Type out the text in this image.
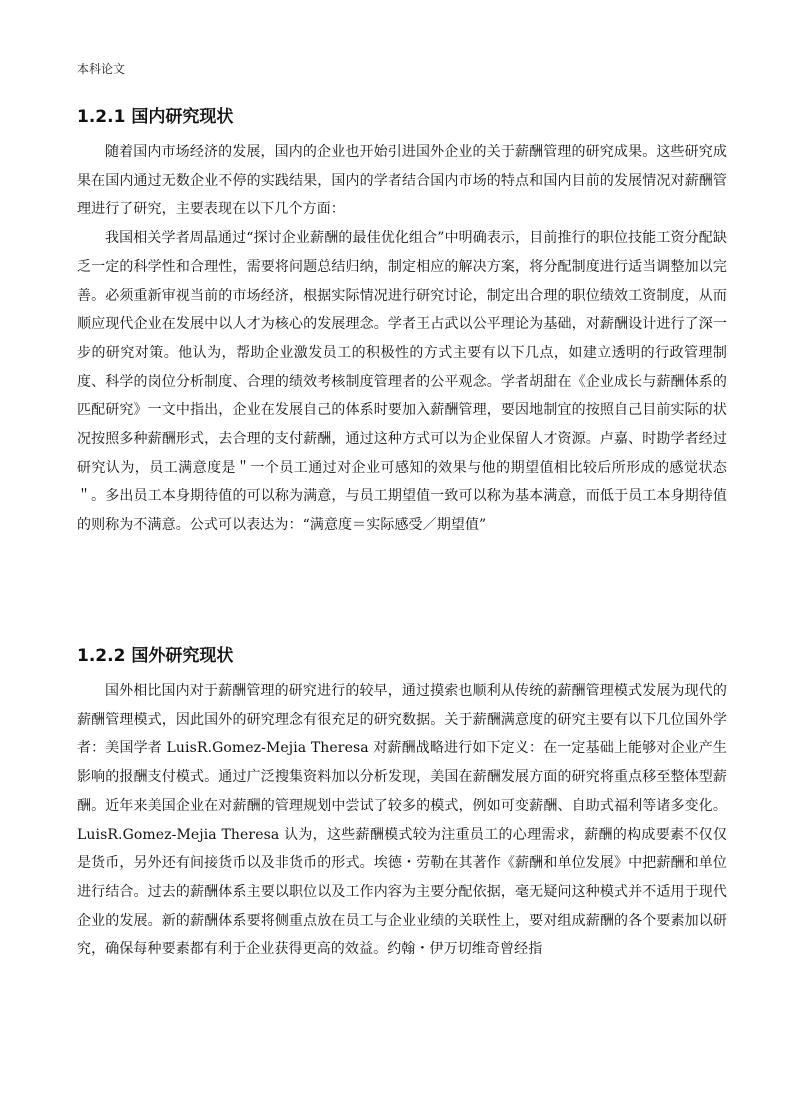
本科论文
1.2.1 国内研究现状

随着国内市场经济的发展，国内的企业也开始引进国外企业的关于薪酬管理的研究成果。这些研究成果在国内通过无数企业不停的实践结果，国内的学者结合国内市场的特点和国内目前的发展情况对薪酬管理进行了研究，主要表现在以下几个方面：

我国相关学者周晶通过“探讨企业薪酬的最佳优化组合”中明确表示，目前推行的职位技能工资分配缺乏一定的科学性和合理性，需要将问题总结归纳，制定相应的解决方案，将分配制度进行适当调整加以完善。必须重新审视当前的市场经济，根据实际情况进行研究讨论，制定出合理的职位绩效工资制度，从而顺应现代企业在发展中以人才为核心的发展理念。学者王占武以公平理论为基础，对薪酬设计进行了深一步的研究对策。他认为，帮助企业激发员工的积极性的方式主要有以下几点，如建立透明的行政管理制度、科学的岗位分析制度、合理的绩效考核制度管理者的公平观念。学者胡甜在《企业成长与薪酬体系的匹配研究》一文中指出，企业在发展自己的体系时要加入薪酬管理，要因地制宜的按照自己目前实际的状况按照多种薪酬形式，去合理的支付薪酬，通过这种方式可以为企业保留人才资源。卢嘉、时勘学者经过研究认为，员工满意度是＂一个员工通过对企业可感知的效果与他的期望值相比较后所形成的感觉状态＂。多出员工本身期待值的可以称为满意，与员工期望值一致可以称为基本满意，而低于员工本身期待值的则称为不满意。公式可以表达为：“满意度＝实际感受／期望值”

1.2.2 国外研究现状

国外相比国内对于薪酬管理的研究进行的较早，通过摸索也顺利从传统的薪酬管理模式发展为现代的薪酬管理模式，因此国外的研究理念有很充足的研究数据。关于薪酬满意度的研究主要有以下几位国外学者：美国学者 LuisR.Gomez-Mejia Theresa 对薪酬战略进行如下定义：在一定基础上能够对企业产生影响的报酬支付模式。通过广泛搜集资料加以分析发现，美国在薪酬发展方面的研究将重点移至整体型薪酬。近年来美国企业在对薪酬的管理规划中尝试了较多的模式，例如可变薪酬、自助式福利等诸多变化。LuisR.Gomez-Mejia Theresa 认为，这些薪酬模式较为注重员工的心理需求，薪酬的构成要素不仅仅是货币，另外还有间接货币以及非货币的形式。埃德・劳勒在其著作《薪酬和单位发展》中把薪酬和单位进行结合。过去的薪酬体系主要以职位以及工作内容为主要分配依据，毫无疑问这种模式并不适用于现代企业的发展。新的薪酬体系要将侧重点放在员工与企业业绩的关联性上，要对组成薪酬的各个要素加以研究，确保每种要素都有利于企业获得更高的效益。约翰・伊万切维奇曾经指
